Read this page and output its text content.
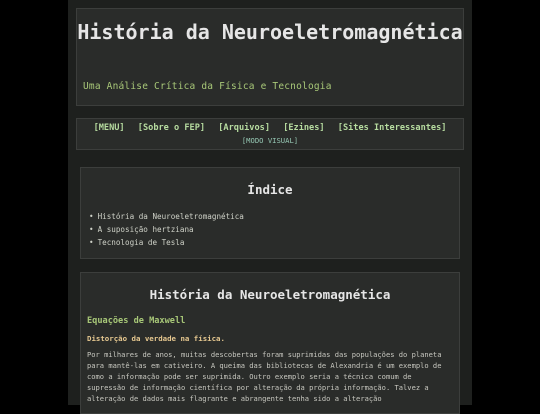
História da Neuroeletromagnética
Uma Análise Crítica da Física e Tecnologia
[MENU] [Sobre o FEP] [Arquivos] [Ezines] [Sites Interessantes]
[MODO VISUAL]
Índice
• História da Neuroeletromagnética
• A suposição hertziana
• Tecnologia de Tesla
História da Neuroeletromagnética
Equações de Maxwell

Distorção da verdade na física.

Por milhares de anos, muitas descobertas foram suprimidas das populações do planeta para mantê-las em cativeiro. A queima das bibliotecas de Alexandria é um exemplo de como a informação pode ser suprimida. Outro exemplo seria a técnica comum de supressão de informação científica por alteração da própria informação. Talvez a alteração de dados mais flagrante e abrangente tenha sido a alteração
